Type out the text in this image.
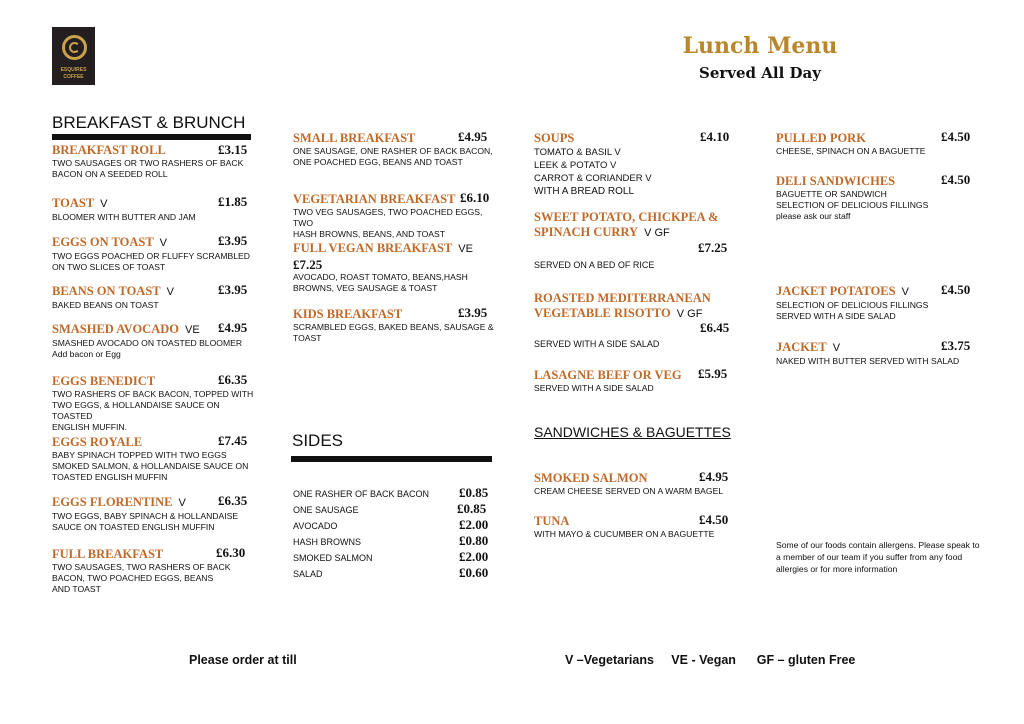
ESQUIRES
COFFEE
Lunch Menu
Served All Day
BREAKFAST & BRUNCH
SIDES	SANDWICHES & BAGUETTES
BREAKFAST ROLL
TWO SAUSAGES OR TWO RASHERS OF BACK
BACON ON A SEEDED ROLL
£3.15
TOAST V
BLOOMER WITH BUTTER AND JAM
£1.85
EGGS ON TOAST V
TWO EGGS POACHED OR FLUFFY SCRAMBLED
ON TWO SLICES OF TOAST
£3.95
BEANS ON TOAST V
BAKED BEANS ON TOAST
£3.95
SMASHED AVOCADO VE
SMASHED AVOCADO ON TOASTED BLOOMER
Add bacon or Egg
£4.95
EGGS BENEDICT
TWO RASHERS OF BACK BACON, TOPPED WITH
TWO EGGS, & HOLLANDAISE SAUCE ON TOASTED
ENGLISH MUFFIN.
£6.35
EGGS ROYALE
BABY SPINACH TOPPED WITH TWO EGGS
SMOKED SALMON, & HOLLANDAISE SAUCE ON
TOASTED ENGLISH MUFFIN
£7.45
EGGS FLORENTINE V
TWO EGGS, BABY SPINACH & HOLLANDAISE
SAUCE ON TOASTED ENGLISH MUFFIN
£6.35
FULL BREAKFAST
TWO SAUSAGES, TWO RASHERS OF BACK
BACON, TWO POACHED EGGS, BEANS
AND TOAST
£6.30
SMALL BREAKFAST
ONE SAUSAGE, ONE RASHER OF BACK BACON,
ONE POACHED EGG, BEANS AND TOAST
£4.95
VEGETARIAN BREAKFAST
TWO VEG SAUSAGES, TWO POACHED EGGS, TWO
HASH BROWNS, BEANS, AND TOAST
£6.10
FULL VEGAN BREAKFAST VE
£7.25
AVOCADO, ROAST TOMATO, BEANS,HASH
BROWNS, VEG SAUSAGE & TOAST
KIDS BREAKFAST
SCRAMBLED EGGS, BAKED BEANS, SAUSAGE &
TOAST
£3.95
ONE RASHER OF BACK BACON £0.85
ONE SAUSAGE	£0.85
AVOCADO	£2.00
HASH BROWNS	£0.80
SMOKED SALMON	£2.00
SALAD	£0.60
SOUPS
TOMATO & BASIL V
LEEK & POTATO V
CARROT & CORIANDER V
WITH A BREAD ROLL
£4.10
SWEET POTATO, CHICKPEA &
SPINACH CURRY V GF
£7.25
SERVED ON A BED OF RICE
ROASTED MEDITERRANEAN
VEGETABLE RISOTTO V GF
£6.45
SERVED WITH A SIDE SALAD
LASAGNE BEEF OR VEG
SERVED WITH A SIDE SALAD
£5.95
SMOKED SALMON
CREAM CHEESE SERVED ON A WARM BAGEL
£4.95
TUNA
WITH MAYO & CUCUMBER ON A BAGUETTE
£4.50
PULLED PORK
CHEESE, SPINACH ON A BAGUETTE
£4.50
DELI SANDWICHES
BAGUETTE OR SANDWICH
SELECTION OF DELICIOUS FILLINGS
please ask our staff
£4.50
JACKET POTATOES V
SELECTION OF DELICIOUS FILLINGS
SERVED WITH A SIDE SALAD
£4.50
JACKET V
NAKED WITH BUTTER SERVED WITH SALAD
£3.75
Some of our foods contain allergens. Please speak to a member of our team if you suffer from any food allergies or for more information
Please order at till	V –Vegetarians     VE - Vegan      GF – gluten Free
